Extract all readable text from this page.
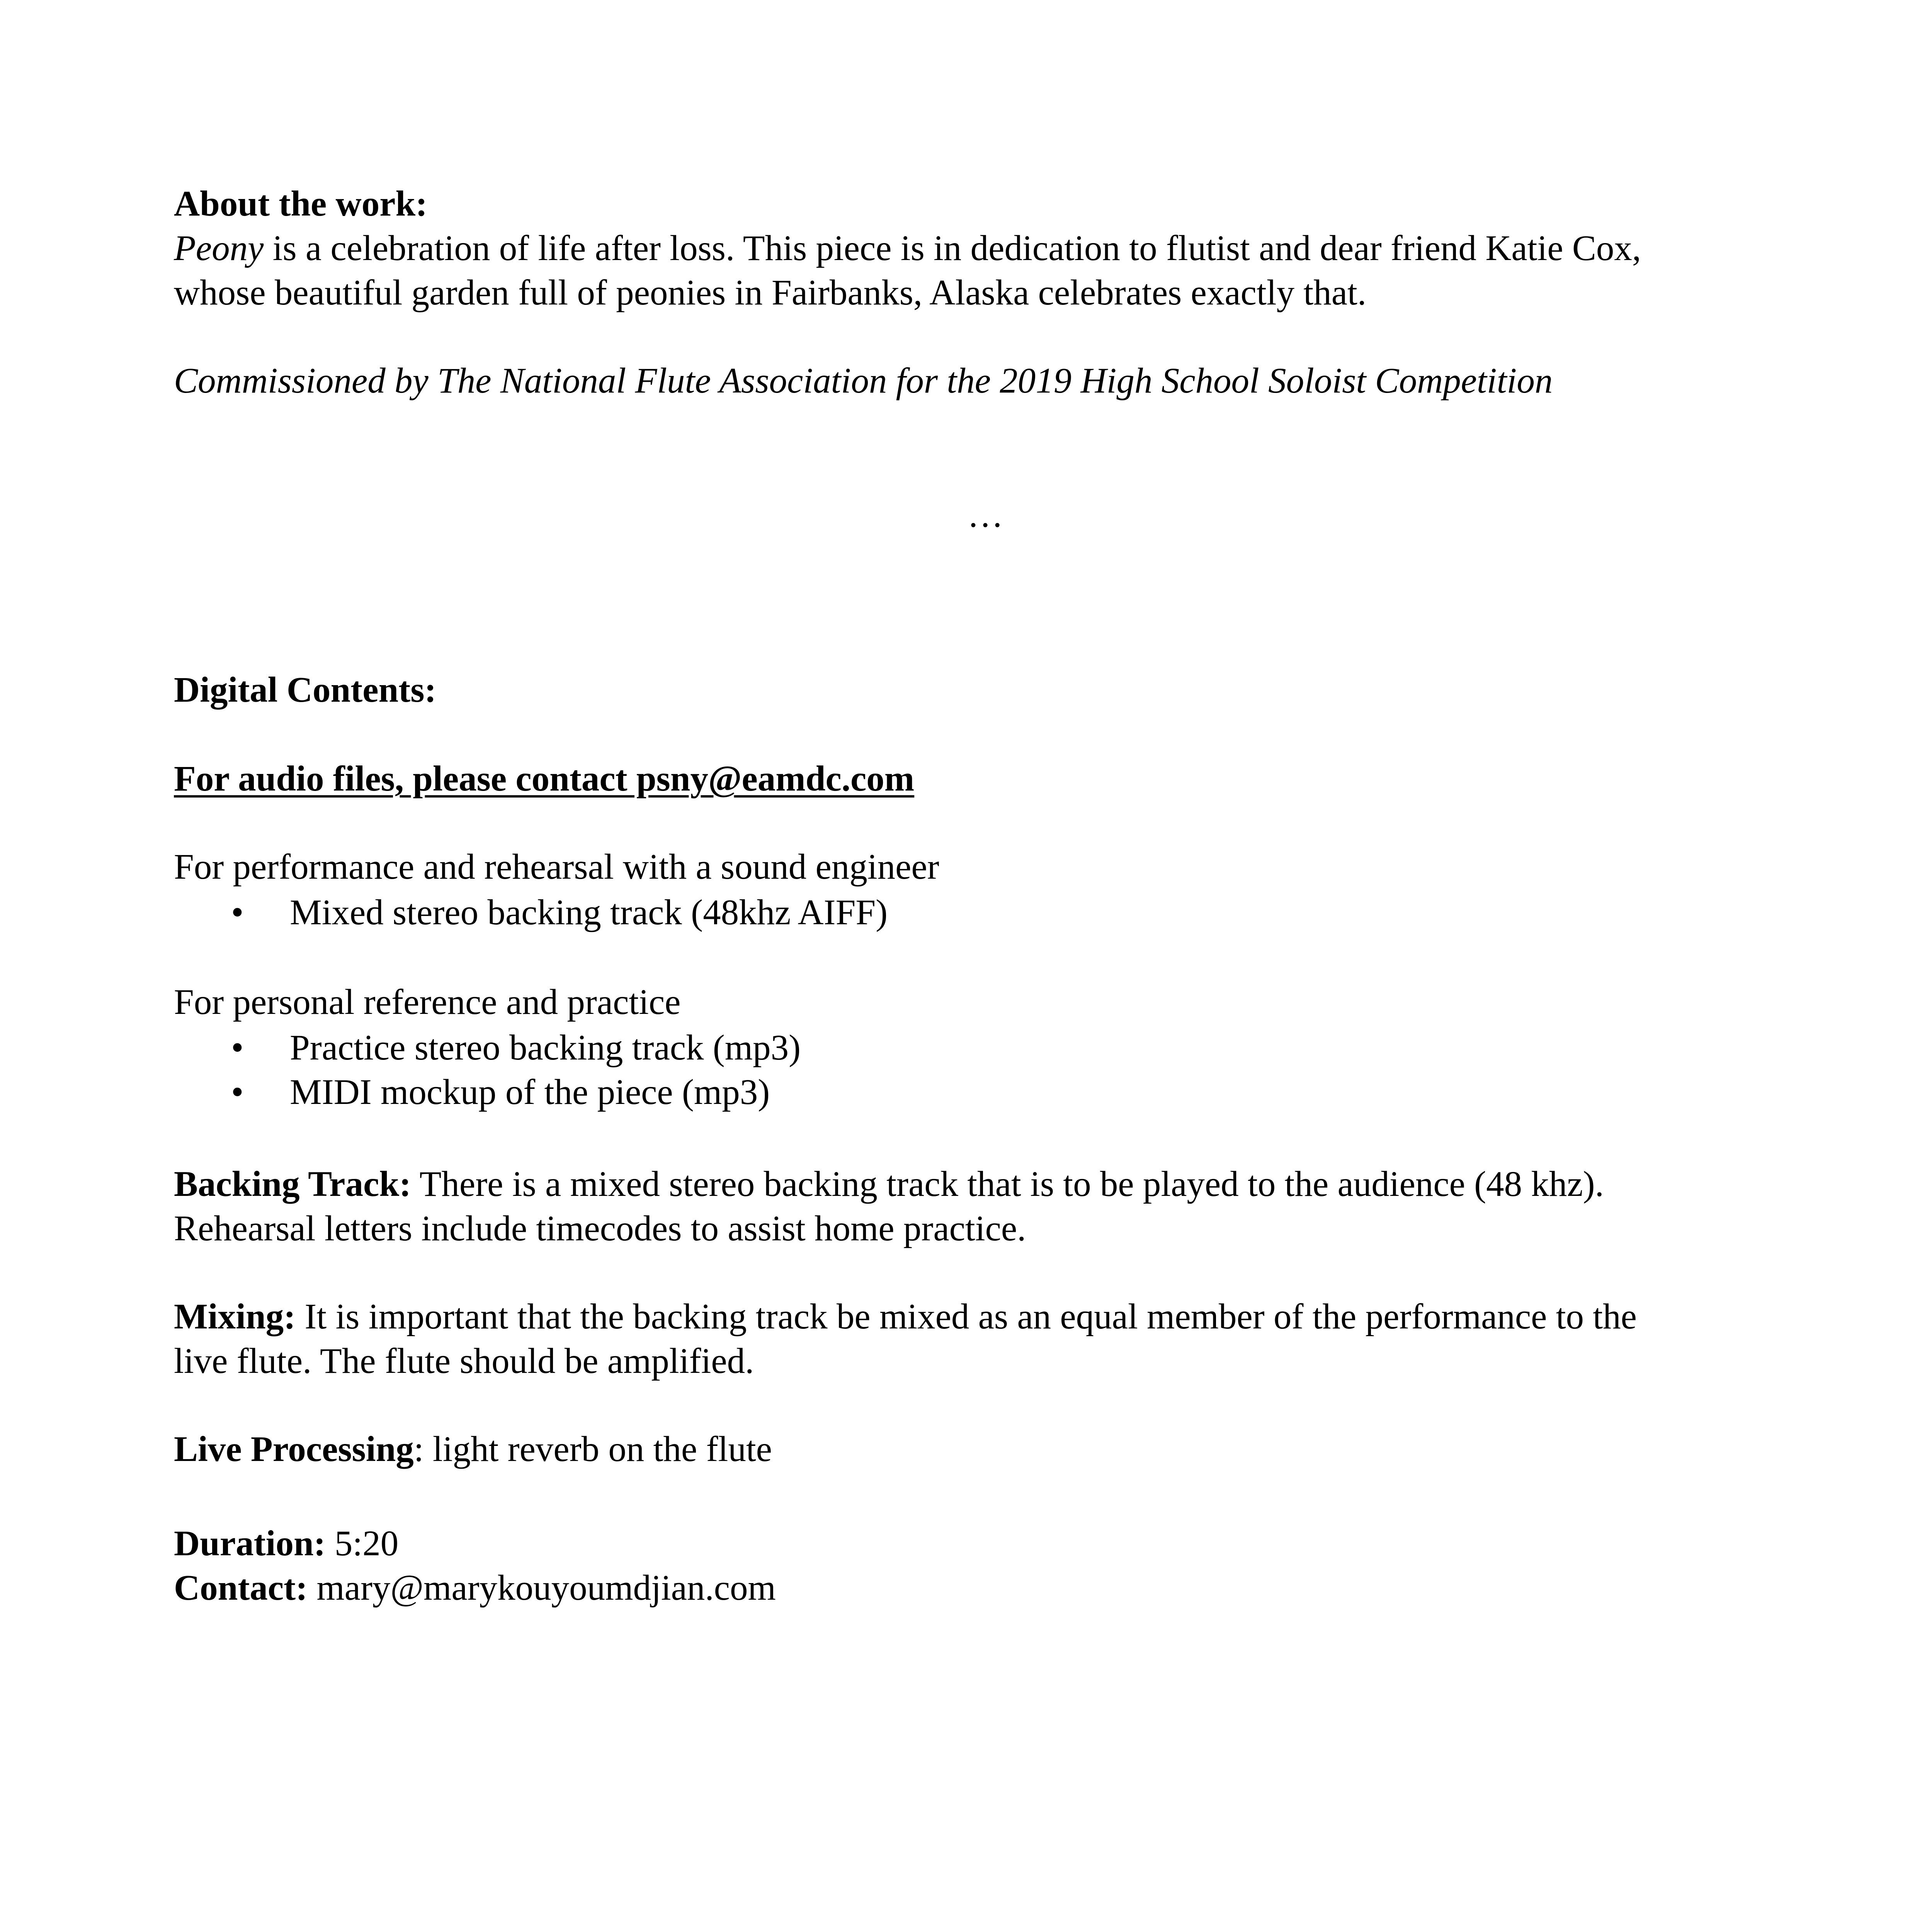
About the work:

Peony is a celebration of life after loss. This piece is in dedication to flutist and dear friend Katie Cox,

whose beautiful garden full of peonies in Fairbanks, Alaska celebrates exactly that.

Commissioned by The National Flute Association for the 2019 High School Soloist Competition

…

Digital Contents:

For audio files, please contact psny@eamdc.com

For performance and rehearsal with a sound engineer

• Mixed stereo backing track (48khz AIFF)

For personal reference and practice

• Practice stereo backing track (mp3)
• MIDI mockup of the piece (mp3)

Backing Track: There is a mixed stereo backing track that is to be played to the audience (48 khz).

Rehearsal letters include timecodes to assist home practice.

Mixing: It is important that the backing track be mixed as an equal member of the performance to the

live flute. The flute should be amplified.

Live Processing: light reverb on the flute

Duration: 5:20

Contact: mary@marykouyoumdjian.com
